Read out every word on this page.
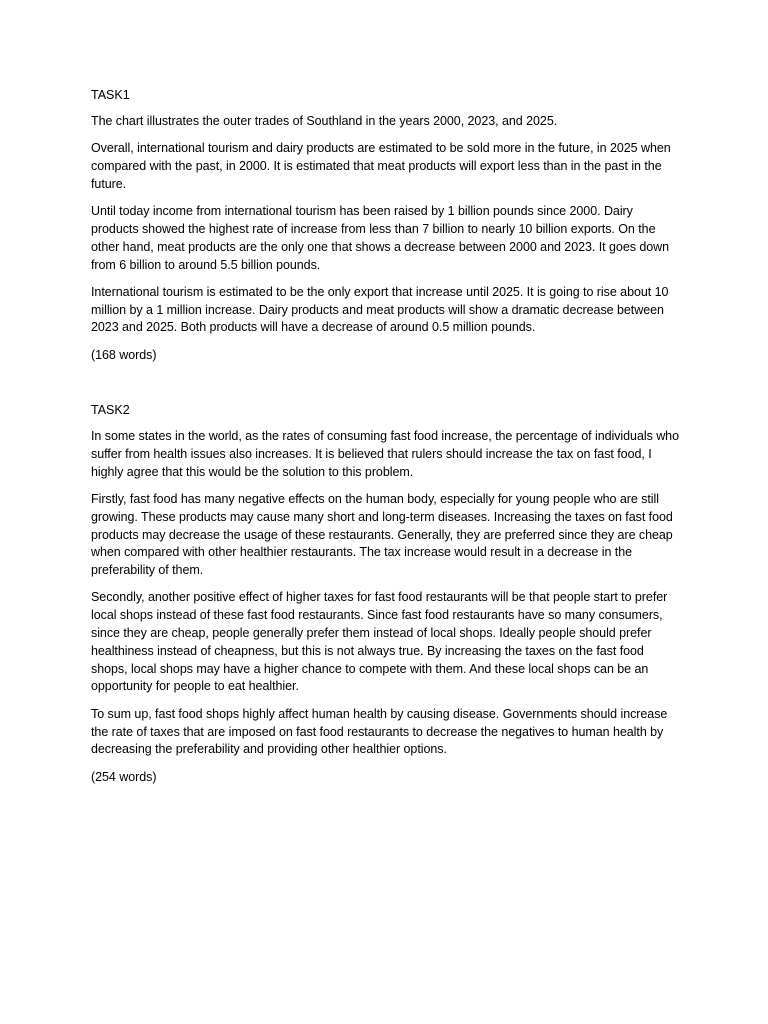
TASK1

The chart illustrates the outer trades of Southland in the years 2000, 2023, and 2025.

Overall, international tourism and dairy products are estimated to be sold more in the future, in 2025 when compared with the past, in 2000. It is estimated that meat products will export less than in the past in the future.

Until today income from international tourism has been raised by 1 billion pounds since 2000. Dairy products showed the highest rate of increase from less than 7 billion to nearly 10 billion exports. On the other hand, meat products are the only one that shows a decrease between 2000 and 2023. It goes down from 6 billion to around 5.5 billion pounds.

International tourism is estimated to be the only export that increase until 2025. It is going to rise about 10 million by a 1 million increase. Dairy products and meat products will show a dramatic decrease between 2023 and 2025. Both products will have a decrease of around 0.5 million pounds.

(168 words)

TASK2

In some states in the world, as the rates of consuming fast food increase, the percentage of individuals who suffer from health issues also increases. It is believed that rulers should increase the tax on fast food, I highly agree that this would be the solution to this problem.

Firstly, fast food has many negative effects on the human body, especially for young people who are still growing. These products may cause many short and long-term diseases. Increasing the taxes on fast food products may decrease the usage of these restaurants. Generally, they are preferred since they are cheap when compared with other healthier restaurants. The tax increase would result in a decrease in the preferability of them.

Secondly, another positive effect of higher taxes for fast food restaurants will be that people start to prefer local shops instead of these fast food restaurants. Since fast food restaurants have so many consumers, since they are cheap, people generally prefer them instead of local shops. Ideally people should prefer healthiness instead of cheapness, but this is not always true. By increasing the taxes on the fast food shops, local shops may have a higher chance to compete with them. And these local shops can be an opportunity for people to eat healthier.

To sum up, fast food shops highly affect human health by causing disease. Governments should increase the rate of taxes that are imposed on fast food restaurants to decrease the negatives to human health by decreasing the preferability and providing other healthier options.

(254 words)
